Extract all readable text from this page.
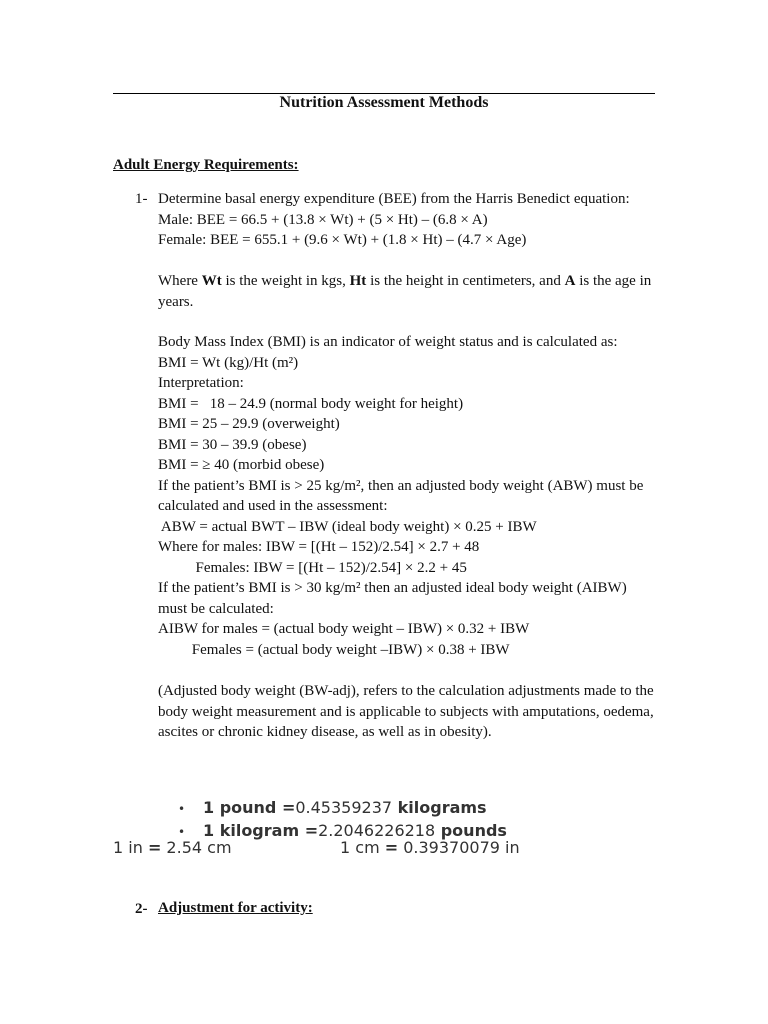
Nutrition Assessment Methods
Adult Energy Requirements:
1- Determine basal energy expenditure (BEE) from the Harris Benedict equation:
Male: BEE = 66.5 + (13.8 × Wt) + (5 × Ht) – (6.8 × A)
Female: BEE = 655.1 + (9.6 × Wt) + (1.8 × Ht) – (4.7 × Age)
Where Wt is the weight in kgs, Ht is the height in centimeters, and A is the age in years.
Body Mass Index (BMI) is an indicator of weight status and is calculated as:
BMI = Wt (kg)/Ht (m²)
Interpretation:
BMI =   18 – 24.9 (normal body weight for height)
BMI = 25 – 29.9 (overweight)
BMI = 30 – 39.9 (obese)
BMI = ≥ 40 (morbid obese)
If the patient’s BMI is > 25 kg/m², then an adjusted body weight (ABW) must be calculated and used in the assessment:
ABW = actual BWT – IBW (ideal body weight) × 0.25 + IBW
Where for males: IBW = [(Ht – 152)/2.54] × 2.7 + 48
Females: IBW = [(Ht – 152)/2.54] × 2.2 + 45
If the patient’s BMI is > 30 kg/m² then an adjusted ideal body weight (AIBW) must be calculated:
AIBW for males = (actual body weight – IBW) × 0.32 + IBW
Females = (actual body weight –IBW) × 0.38 + IBW
(Adjusted body weight (BW-adj), refers to the calculation adjustments made to the body weight measurement and is applicable to subjects with amputations, oedema, ascites or chronic kidney disease, as well as in obesity).
• 1 pound =0.45359237 kilograms
• 1 kilogram =2.2046226218 pounds
1 in = 2.54 cm	1 cm = 0.39370079 in
2- Adjustment for activity:
